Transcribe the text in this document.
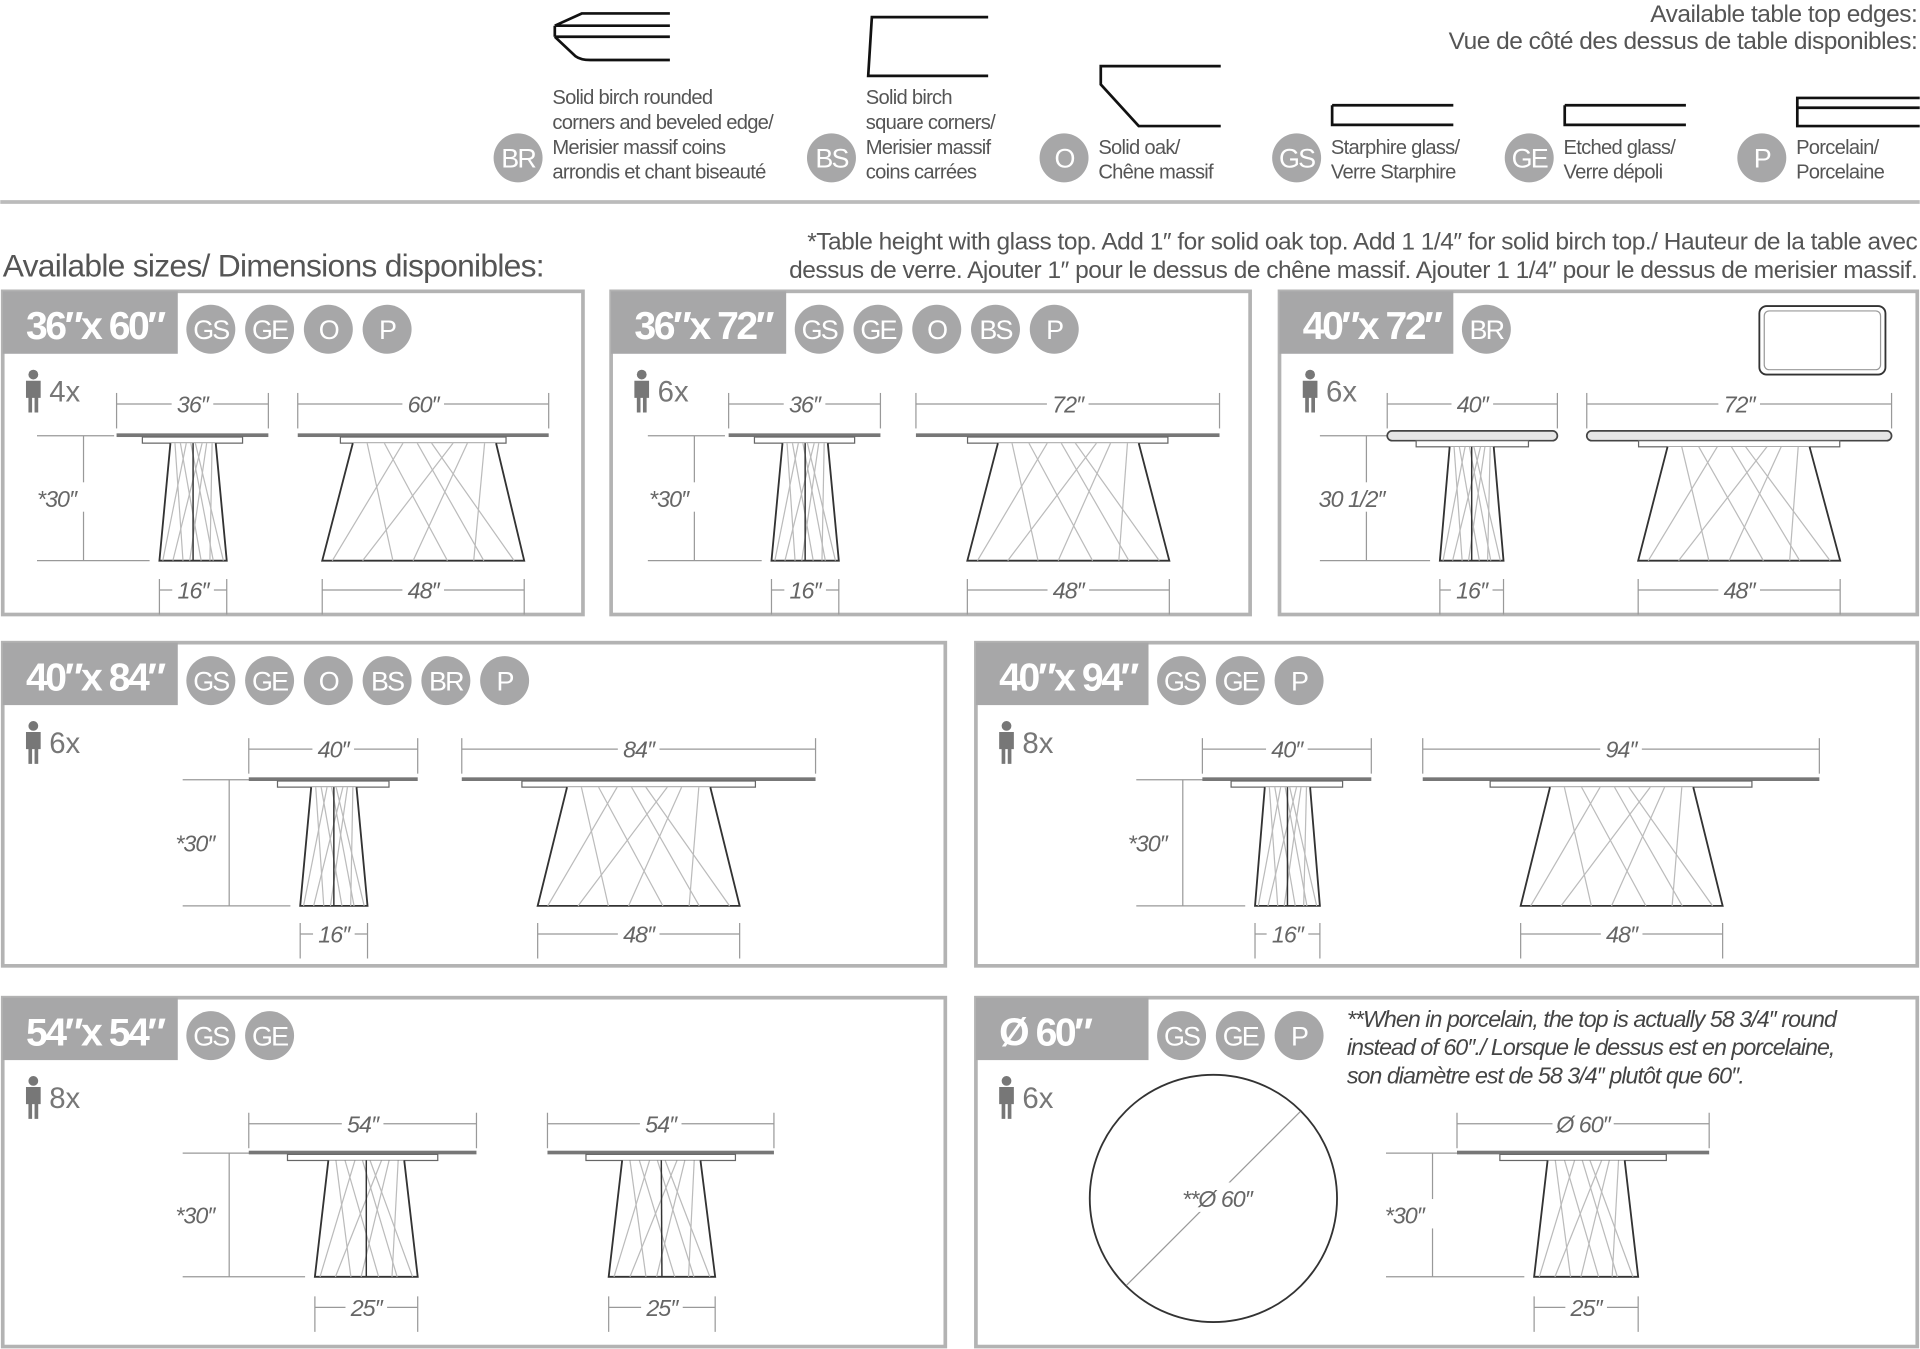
Available table top edges:
Vue de côté des dessus de table disponibles:
Solid birch rounded
corners and beveled edge/
Merisier massif coins
arrondis et chant biseauté
BR
Solid birch
square corners/
Merisier massif
coins carrées
BS	Solid oak/
Chêne massif
O	Starphire glass/
Verre Starphire
GS	Etched glass/
Verre dépoli
GE	Porcelain/
Porcelaine
P
Available sizes/ Dimensions disponibles:
*Table height with glass top. Add 1″ for solid oak top. Add 1 1/4″ for solid birch top./ Hauteur de la table avec
dessus de verre. Ajouter 1″ pour le dessus de chêne massif. Ajouter 1 1/4″ pour le dessus de merisier massif.
36″x 60″ GS GE O P
4x
*30″
36″
16″
60″
48″
36″x 72″ GS GE O BS P
6x
*30″
36″
16″
72″
48″
40″x 72″ BR
6x
30 1/2″
40″
16″
72″
48″
40″x 84″ GS GE O BS BR P
6x
*30″
40″
16″
84″
48″
40″x 94″ GS GE P
8x
*30″
40″
16″
94″
48″
54″x 54″ GS GE
8x
*30″
54″
25″
54″
25″
Ø 60″	GS GE P
6x
*30″
Ø 60″
25″
**Ø 60″
**When in porcelain, the top is actually 58 3/4″ round
instead of 60″./ Lorsque le dessus est en porcelaine,
son diamètre est de 58 3/4″ plutôt que 60″.
